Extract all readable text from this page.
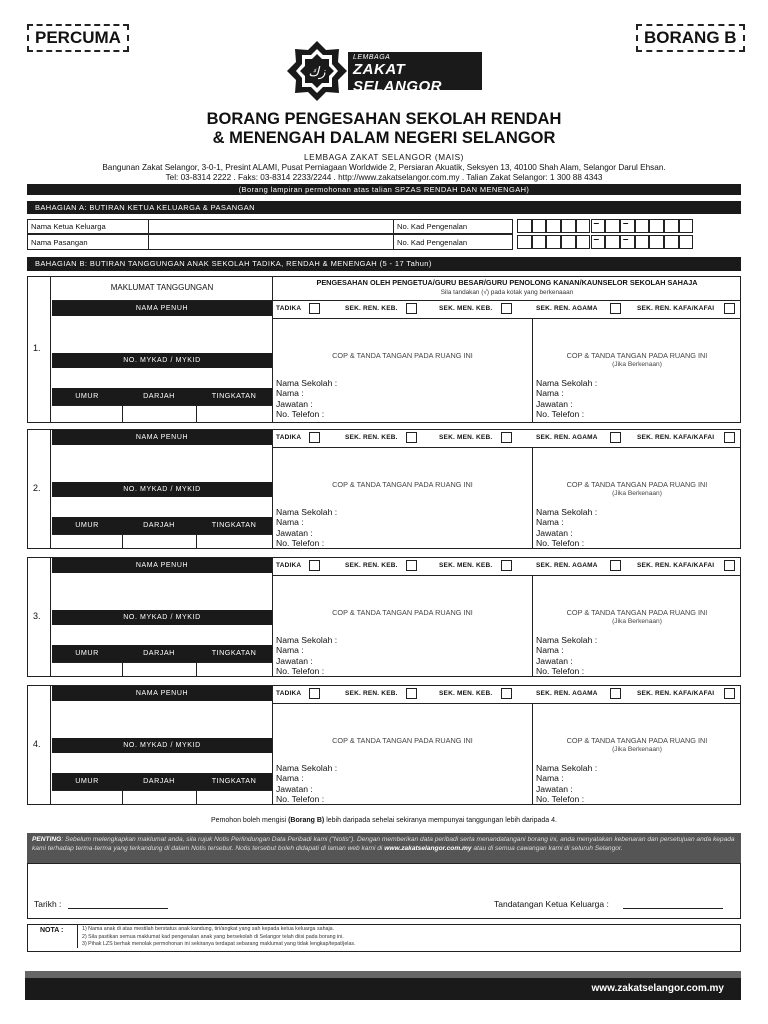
PERCUMA	BORANG B
زك
LEMBAGA
ZAKAT SELANGOR
MAJLIS AGAMA ISLAM SELANGOR
BORANG PENGESAHAN SEKOLAH RENDAH
& MENENGAH DALAM NEGERI SELANGOR
LEMBAGA ZAKAT SELANGOR (MAIS)
Bangunan Zakat Selangor, 3-0-1, Presint ALAMI, Pusat Perniagaan Worldwide 2, Persiaran Akuatik, Seksyen 13, 40100 Shah Alam, Selangor Darul Ehsan.
Tel: 03-8314 2222 . Faks: 03-8314 2233/2244 . http://www.zakatselangor.com.my . Talian Zakat Selangor: 1 300 88 4343
(Borang lampiran permohonan atas talian SPZAS RENDAH DAN MENENGAH)
BAHAGIAN A: BUTIRAN KETUA KELUARGA & PASANGAN
Nama Ketua Keluarga	No. Kad Pengenalan
Nama Pasangan	No. Kad Pengenalan
– –
– –
BAHAGIAN B: BUTIRAN TANGGUNGAN ANAK SEKOLAH TADIKA, RENDAH & MENENGAH (5 - 17 Tahun)
1.
MAKLUMAT TANGGUNGAN
PENGESAHAN OLEH PENGETUA/GURU BESAR/GURU PENOLONG KANAN/KAUNSELOR SEKOLAH SAHAJA
Sila tandakan (√) pada kotak yang berkenaaan
NAMA PENUH
NO. MYKAD / MYKID
UMUR	DARJAH	TINGKATAN
TADIKA	SEK. REN. KEB.	SEK. MEN. KEB.	SEK. REN. AGAMA	SEK. REN. KAFA/KAFAI
COP & TANDA TANGAN PADA RUANG INI	COP & TANDA TANGAN PADA RUANG INI
(Jika Berkenaan)
Nama Sekolah :
Nama :
Jawatan :
No. Telefon :
Nama Sekolah :
Nama :
Jawatan :
No. Telefon :
2.
NAMA PENUH
NO. MYKAD / MYKID
UMUR	DARJAH	TINGKATAN
TADIKA	SEK. REN. KEB.	SEK. MEN. KEB.	SEK. REN. AGAMA	SEK. REN. KAFA/KAFAI
COP & TANDA TANGAN PADA RUANG INI	COP & TANDA TANGAN PADA RUANG INI
(Jika Berkenaan)
Nama Sekolah :
Nama :
Jawatan :
No. Telefon :
Nama Sekolah :
Nama :
Jawatan :
No. Telefon :
3.
NAMA PENUH
NO. MYKAD / MYKID
UMUR	DARJAH	TINGKATAN
TADIKA	SEK. REN. KEB.	SEK. MEN. KEB.	SEK. REN. AGAMA	SEK. REN. KAFA/KAFAI
COP & TANDA TANGAN PADA RUANG INI	COP & TANDA TANGAN PADA RUANG INI
(Jika Berkenaan)
Nama Sekolah :
Nama :
Jawatan :
No. Telefon :
Nama Sekolah :
Nama :
Jawatan :
No. Telefon :
4.
NAMA PENUH
NO. MYKAD / MYKID
UMUR	DARJAH	TINGKATAN
TADIKA	SEK. REN. KEB.	SEK. MEN. KEB.	SEK. REN. AGAMA	SEK. REN. KAFA/KAFAI
COP & TANDA TANGAN PADA RUANG INI	COP & TANDA TANGAN PADA RUANG INI
(Jika Berkenaan)
Nama Sekolah :
Nama :
Jawatan :
No. Telefon :
Nama Sekolah :
Nama :
Jawatan :
No. Telefon :
Pemohon boleh mengisi (Borang B) lebih daripada sehelai sekiranya mempunyai tanggungan lebih daripada 4.
PENTING: Sebelum melengkapkan maklumat anda, sila rujuk Notis Perlindungan Data Peribadi kami ("Notis"). Dengan memberikan data peribadi serta menandatangani borang ini, anda menyatakan kebenaran dan persetujuan anda kepada kami terhadap terma-terma yang terkandung di dalam Notis tersebut. Notis tersebut boleh didapati di laman web kami di www.zakatselangor.com.my atau di semua cawangan kami di seluruh Selangor.
Tarikh :	Tandatangan Ketua Keluarga :
NOTA :	1) Nama anak di atas mestilah berstatus anak kandung, tiri/angkat yang sah kepada ketua keluarga sahaja.
2) Sila pastikan semua maklumat kad pengenalan anak yang bersekolah di Selangor telah diisi pada borang ini.
3) Pihak LZS berhak menolak permohonan ini sekiranya terdapat sebarang maklumat yang tidak lengkap/tepat/jelas.
www.zakatselangor.com.my
